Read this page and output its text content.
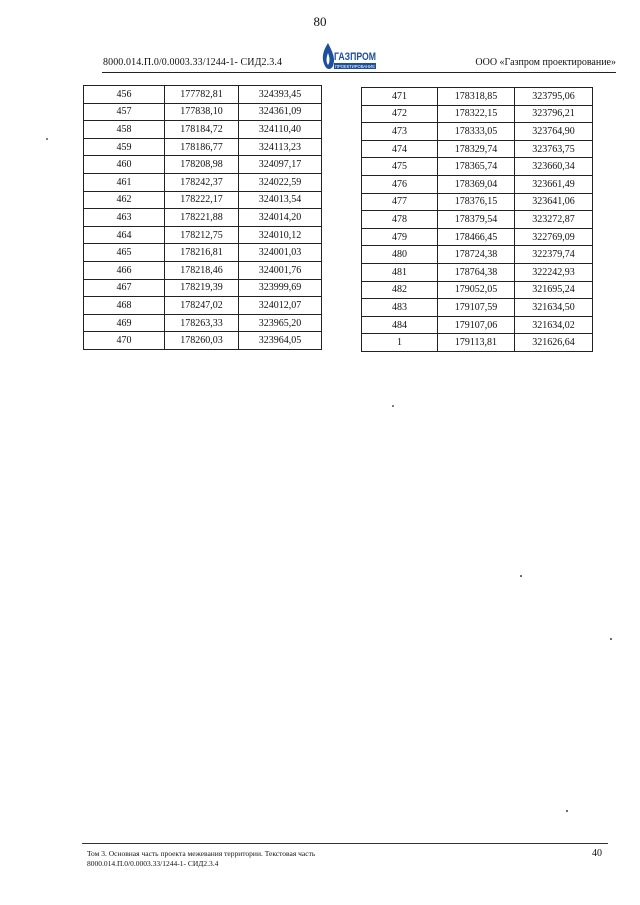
80
8000.014.П.0/0.0003.33/1244-1- СИД2.3.4	ГАЗПРОМ
ПРОЕКТИРОВАНИЕ	ООО «Газпром проектирование»
456	177782,81	324393,45
457	177838,10	324361,09
458	178184,72	324110,40
459	178186,77	324113,23
460	178208,98	324097,17
461	178242,37	324022,59
462	178222,17	324013,54
463	178221,88	324014,20
464	178212,75	324010,12
465	178216,81	324001,03
466	178218,46	324001,76
467	178219,39	323999,69
468	178247,02	324012,07
469	178263,33	323965,20
470	178260,03	323964,05
471	178318,85	323795,06
472	178322,15	323796,21
473	178333,05	323764,90
474	178329,74	323763,75
475	178365,74	323660,34
476	178369,04	323661,49
477	178376,15	323641,06
478	178379,54	323272,87
479	178466,45	322769,09
480	178724,38	322379,74
481	178764,38	322242,93
482	179052,05	321695,24
483	179107,59	321634,50
484	179107,06	321634,02
1	179113,81	321626,64
Том 3. Основная часть проекта межевания территории. Текстовая часть
8000.014.П.0/0.0003.33/1244-1- СИД2.3.4
40
